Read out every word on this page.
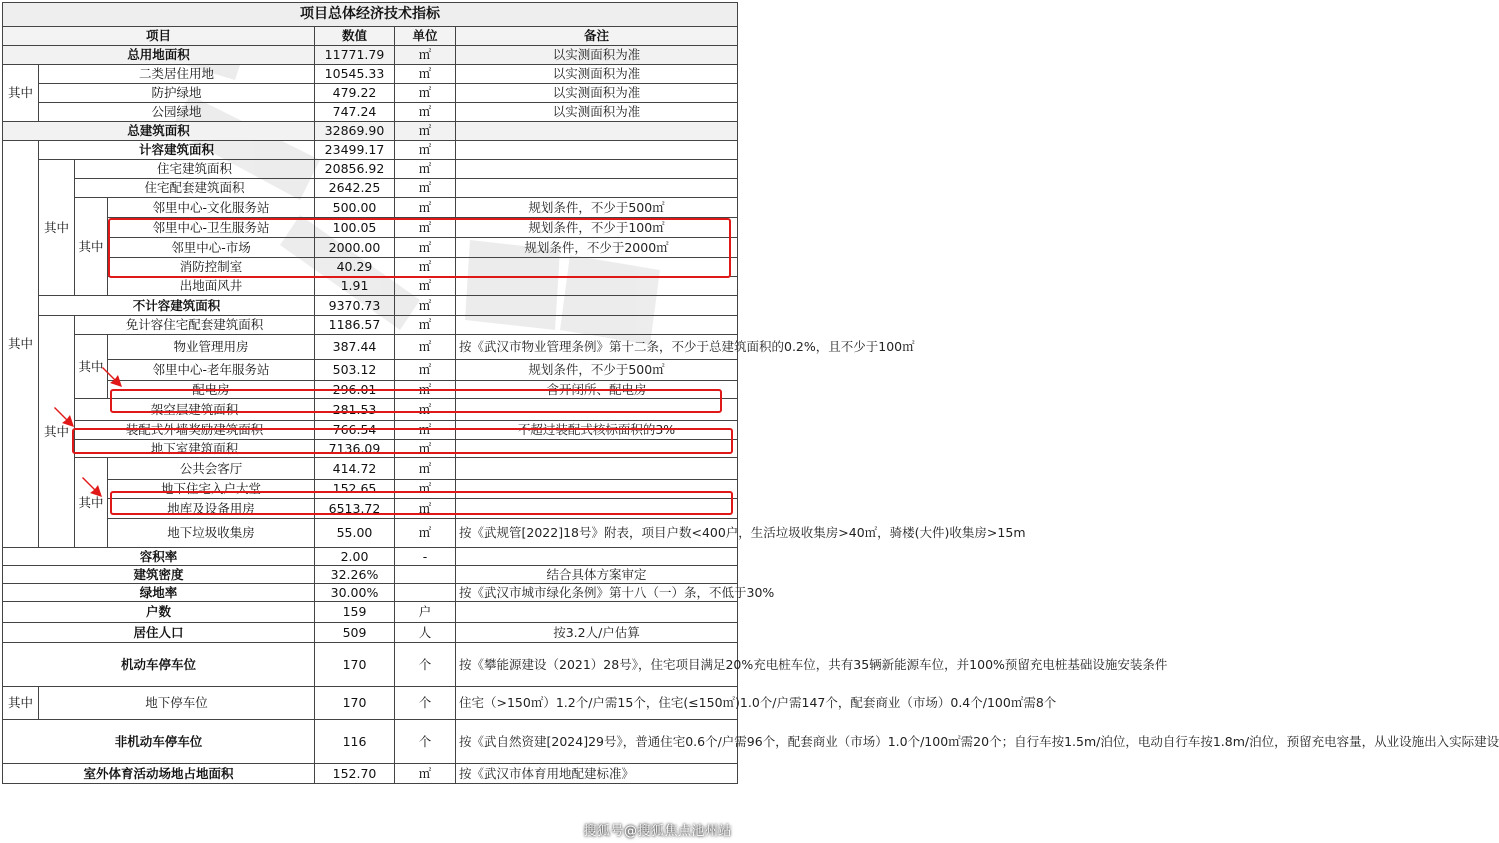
项目总体经济技术指标						
项目				数值	单位	备注
总用地面积				11771.79	㎡	以实测面积为准
其中	二类居住用地			10545.33	㎡	以实测面积为准
	防护绿地			479.22	㎡	以实测面积为准
	公园绿地			747.24	㎡	以实测面积为准
总建筑面积				32869.90	㎡	
其中	计容建筑面积			23499.17	㎡	
	其中	住宅建筑面积		20856.92	㎡	
		住宅配套建筑面积		2642.25	㎡	
		其中	邻里中心-文化服务站	500.00	㎡	规划条件，不少于500㎡
			邻里中心-卫生服务站	100.05	㎡	规划条件，不少于100㎡
			邻里中心-市场	2000.00	㎡	规划条件，不少于2000㎡
			消防控制室	40.29	㎡	
			出地面风井	1.91	㎡	
	不计容建筑面积			9370.73	㎡	
	其中	免计容住宅配套建筑面积		1186.57	㎡	
		其中	物业管理用房	387.44	㎡	按《武汉市物业管理条例》第十二条，不少于总建筑面积的0.2%，且不少于100㎡
			邻里中心-老年服务站	503.12	㎡	规划条件，不少于500㎡
			配电房	296.01	㎡	含开闭所、配电房
		架空层建筑面积		281.53	㎡	
		装配式外墙奖励建筑面积		766.54	㎡	不超过装配式核标面积的3%
		地下室建筑面积		7136.09	㎡	
		其中	公共会客厅	414.72	㎡	
			地下住宅入户大堂	152.65	㎡	
			地库及设备用房	6513.72	㎡	
			地下垃圾收集房	55.00	㎡	按《武规管[2022]18号》附表，项目户数<400户，生活垃圾收集房>40㎡，骑楼(大件)收集房>15m
容积率				2.00	-	
建筑密度				32.26%		结合具体方案审定
绿地率				30.00%		按《武汉市城市绿化条例》第十八（一）条，不低于30%
户数				159	户	
居住人口				509	人	按3.2人/户估算
机动车停车位				170	个	按《攀能源建设（2021）28号》，住宅项目满足20%充电桩车位，共有35辆新能源车位，并100%预留充电桩基础设施安装条件
其中	地下停车位			170	个	住宅（>150㎡）1.2个/户需15个，住宅(≤150㎡)1.0个/户需147个，配套商业（市场）0.4个/100㎡需8个
非机动车停车位				116	个	按《武自然资建[2024]29号》，普通住宅0.6个/户需96个，配套商业（市场）1.0个/100㎡需20个；自行车按1.5m/泊位，电动自行车按1.8m/泊位，预留充电容量，从业设施出入实际建设
室外体育活动场地占地面积				152.70	㎡	按《武汉市体育用地配建标准》
搜狐号@搜狐焦点池州站
